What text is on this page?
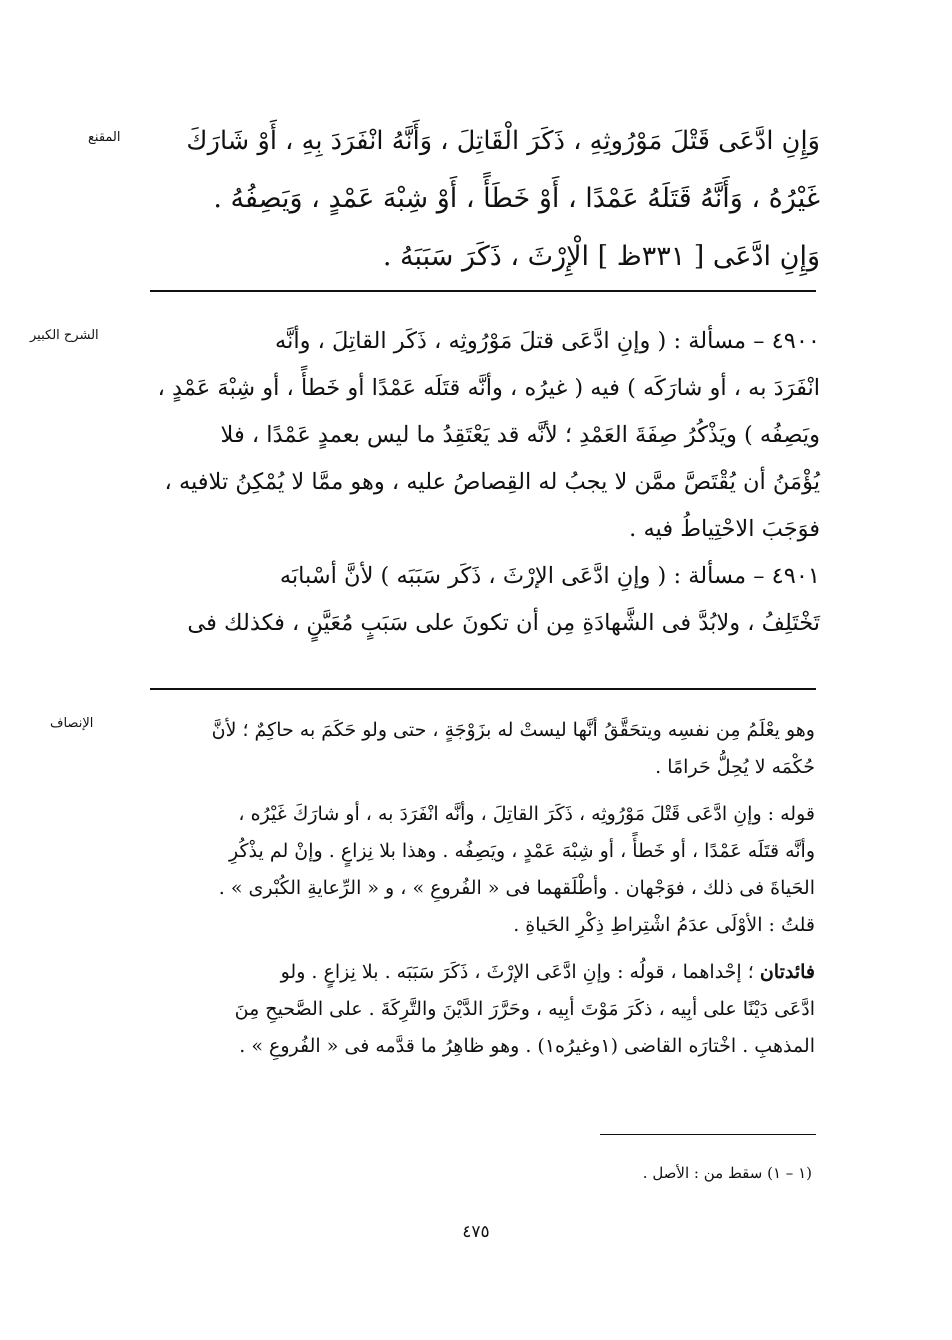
المقنع	وَإِنِ ادَّعَى قَتْلَ مَوْرُوثِهِ ، ذَكَرَ الْقَاتِلَ ، وَأَنَّهُ انْفَرَدَ بِهِ ، أَوْ شَارَكَ
غَيْرُهُ ، وَأَنَّهُ قَتَلَهُ عَمْدًا ، أَوْ خَطَأً ، أَوْ شِبْهَ عَمْدٍ ، وَيَصِفُهُ .
وَإِنِ ادَّعَى [ ٣٣١ظ ] الْإِرْثَ ، ذَكَرَ سَبَبَهُ .
الشرح الكبير	٤٩٠٠ – مسألة : ( وإنِ ادَّعَى قتلَ مَوْرُوثِه ، ذَكَر القاتِلَ ، وأنَّه
انْفَرَدَ به ، أو شارَكَه ) فيه ( غيرُه ، وأنَّه قتَلَه عَمْدًا أو خَطأً ، أو شِبْهَ عَمْدٍ ،
ويَصِفُه ) ويَذْكُرُ صِفَةَ العَمْدِ ؛ لأنَّه قد يَعْتَقِدُ ما ليس بعمدٍ عَمْدًا ، فلا
يُؤْمَنُ أن يُقْتَصَّ ممَّن لا يجبُ له القِصاصُ عليه ، وهو ممَّا لا يُمْكِنُ تلافيه ،
فوَجَبَ الاحْتِياطُ فيه .
٤٩٠١ – مسألة : ( وإنِ ادَّعَى الإرْثَ ، ذَكَر سَبَبَه ) لأنَّ أسْبابَه
تَخْتَلِفُ ، ولابُدَّ فى الشَّهادَةِ مِن أن تكونَ على سَبَبٍ مُعَيَّنٍ ، فكذلك فى
الإنصاف	وهو يعْلَمُ مِن نفسِه ويتحَقَّقُ أنَّها ليستْ له بزَوْجَةٍ ، حتى ولو حَكَمَ به حاكِمٌ ؛ لأنَّ
حُكْمَه لا يُحِلُّ حَرامًا .
قوله : وإنِ ادَّعَى قَتْلَ مَوْرُوثِه ، ذَكَرَ القاتِلَ ، وأنَّه انْفَرَدَ به ، أو شارَكَ غَيْرُه ،
وأنَّه قتَلَه عَمْدًا ، أو خَطأً ، أو شِبْهَ عَمْدٍ ، ويَصِفُه . وهذا بلا نِزاعٍ . وإنْ لم يذْكُرِ
الحَياةَ فى ذلك ، فوَجْهان . وأطْلَقهما فى « الفُروعِ » ، و « الرِّعايةِ الكُبْرى » .
قلتُ : الأوْلَى عدَمُ اشْتِراطِ ذِكْرِ الحَياةِ .
فائدتان ؛ إحْداهما ، قولُه : وإنِ ادَّعَى الإرْثَ ، ذَكَرَ سَبَبَه . بلا نِزاعٍ . ولو
ادَّعَى دَيْنًا على أبِيه ، ذكَرَ مَوْتَ أبِيه ، وحَرَّرَ الدَّيْنَ والتَّرِكَةَ . على الصَّحيحِ مِنَ
المذهبِ . اخْتارَه القاضى (١وغيرُه١) . وهو ظاهِرُ ما قدَّمه فى « الفُروعِ » .
(١ – ١) سقط من : الأصل .
٤٧٥
